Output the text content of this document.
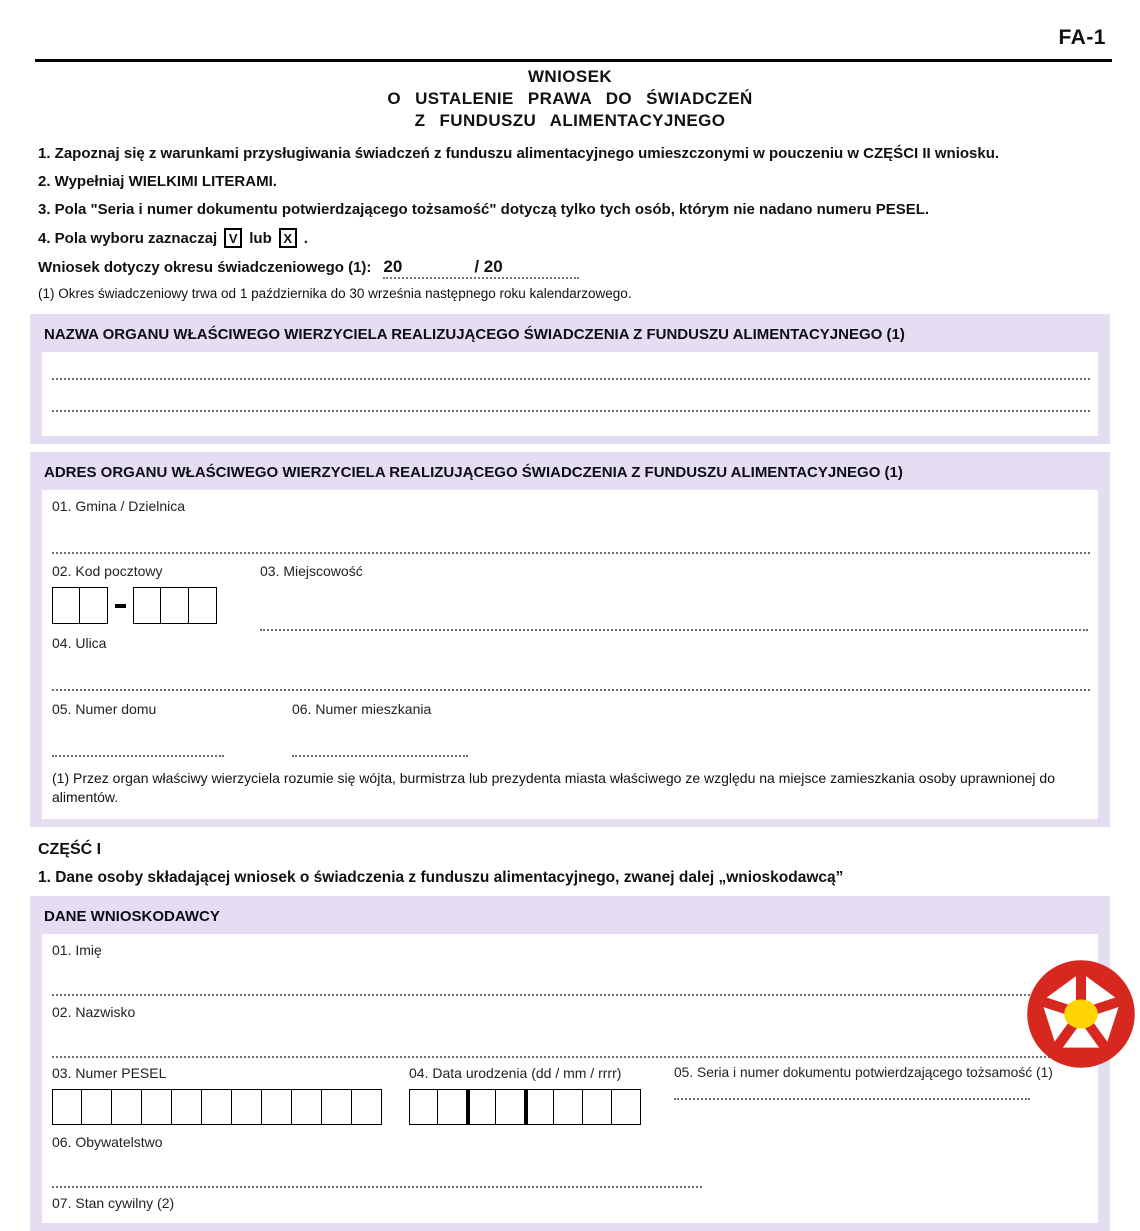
FA-1
WNIOSEK
O USTALENIE PRAWA DO ŚWIADCZEŃ
Z FUNDUSZU ALIMENTACYJNEGO
1. Zapoznaj się z warunkami przysługiwania świadczeń z funduszu alimentacyjnego umieszczonymi w pouczeniu w CZĘŚCI II wniosku.
2. Wypełniaj WIELKIMI LITERAMI.
3. Pola "Seria i numer dokumentu potwierdzającego tożsamość" dotyczą tylko tych osób, którym nie nadano numeru PESEL.
4. Pola wyboru zaznaczaj V lub X .
Wniosek dotyczy okresu świadczeniowego (1): 20	/ 20
(1) Okres świadczeniowy trwa od 1 października do 30 września następnego roku kalendarzowego.
NAZWA ORGANU WŁAŚCIWEGO WIERZYCIELA REALIZUJĄCEGO ŚWIADCZENIA Z FUNDUSZU ALIMENTACYJNEGO (1)
ADRES ORGANU WŁAŚCIWEGO WIERZYCIELA REALIZUJĄCEGO ŚWIADCZENIA Z FUNDUSZU ALIMENTACYJNEGO (1)
01. Gmina / Dzielnica
02. Kod pocztowy	03. Miejscowość
04. Ulica
05. Numer domu	06. Numer mieszkania
(1) Przez organ właściwy wierzyciela rozumie się wójta, burmistrza lub prezydenta miasta właściwego ze względu na miejsce zamieszkania osoby uprawnionej do alimentów.
CZĘŚĆ I
1. Dane osoby składającej wniosek o świadczenia z funduszu alimentacyjnego, zwanej dalej „wnioskodawcą”
DANE WNIOSKODAWCY
01. Imię
02. Nazwisko
03. Numer PESEL	04. Data urodzenia (dd / mm / rrrr)	05. Seria i numer dokumentu potwierdzającego tożsamość (1)
06. Obywatelstwo
07. Stan cywilny (2)
